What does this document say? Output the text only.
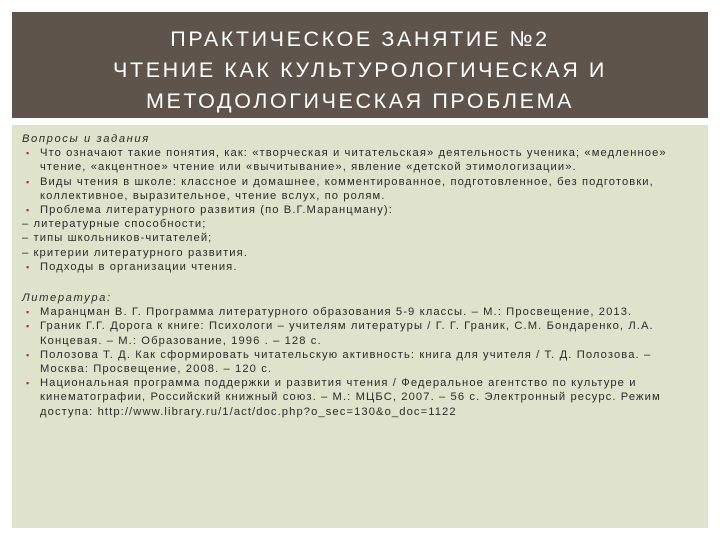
ПРАКТИЧЕСКОЕ ЗАНЯТИЕ №2
ЧТЕНИЕ КАК КУЛЬТУРОЛОГИЧЕСКАЯ И
МЕТОДОЛОГИЧЕСКАЯ ПРОБЛЕМА

Вопросы и задания

▪ Что означают такие понятия, как: «творческая и читательская» деятельность ученика; «медленное» чтение, «акцентное» чтение или «вычитывание», явление «детской этимологизации».
▪ Виды чтения в школе: классное и домашнее, комментированное, подготовленное, без подготовки, коллективное, выразительное, чтение вслух, по ролям.
▪ Проблема литературного развития (по В.Г.Маранцману):

– литературные способности;

– типы школьников-читателей;

– критерии литературного развития.

▪ Подходы в организации чтения.

Литература:

▪ Маранцман В. Г. Программа литературного образования 5-9 классы. – М.: Просвещение, 2013.
▪ Граник Г.Г. Дорога к книге: Психологи – учителям литературы / Г. Г. Граник, С.М. Бондаренко, Л.А. Концевая. – М.: Образование, 1996 . – 128 с.
▪ Полозова Т. Д. Как сформировать читательскую активность: книга для учителя / Т. Д. Полозова. – Москва: Просвещение, 2008. – 120 с.
▪ Национальная программа поддержки и развития чтения / Федеральное агентство по культуре и кинематографии, Российский книжный союз. – М.: МЦБС, 2007. – 56 с. Электронный ресурс. Режим доступа: http://www.library.ru/1/act/doc.php?o_sec=130&o_doc=1122
